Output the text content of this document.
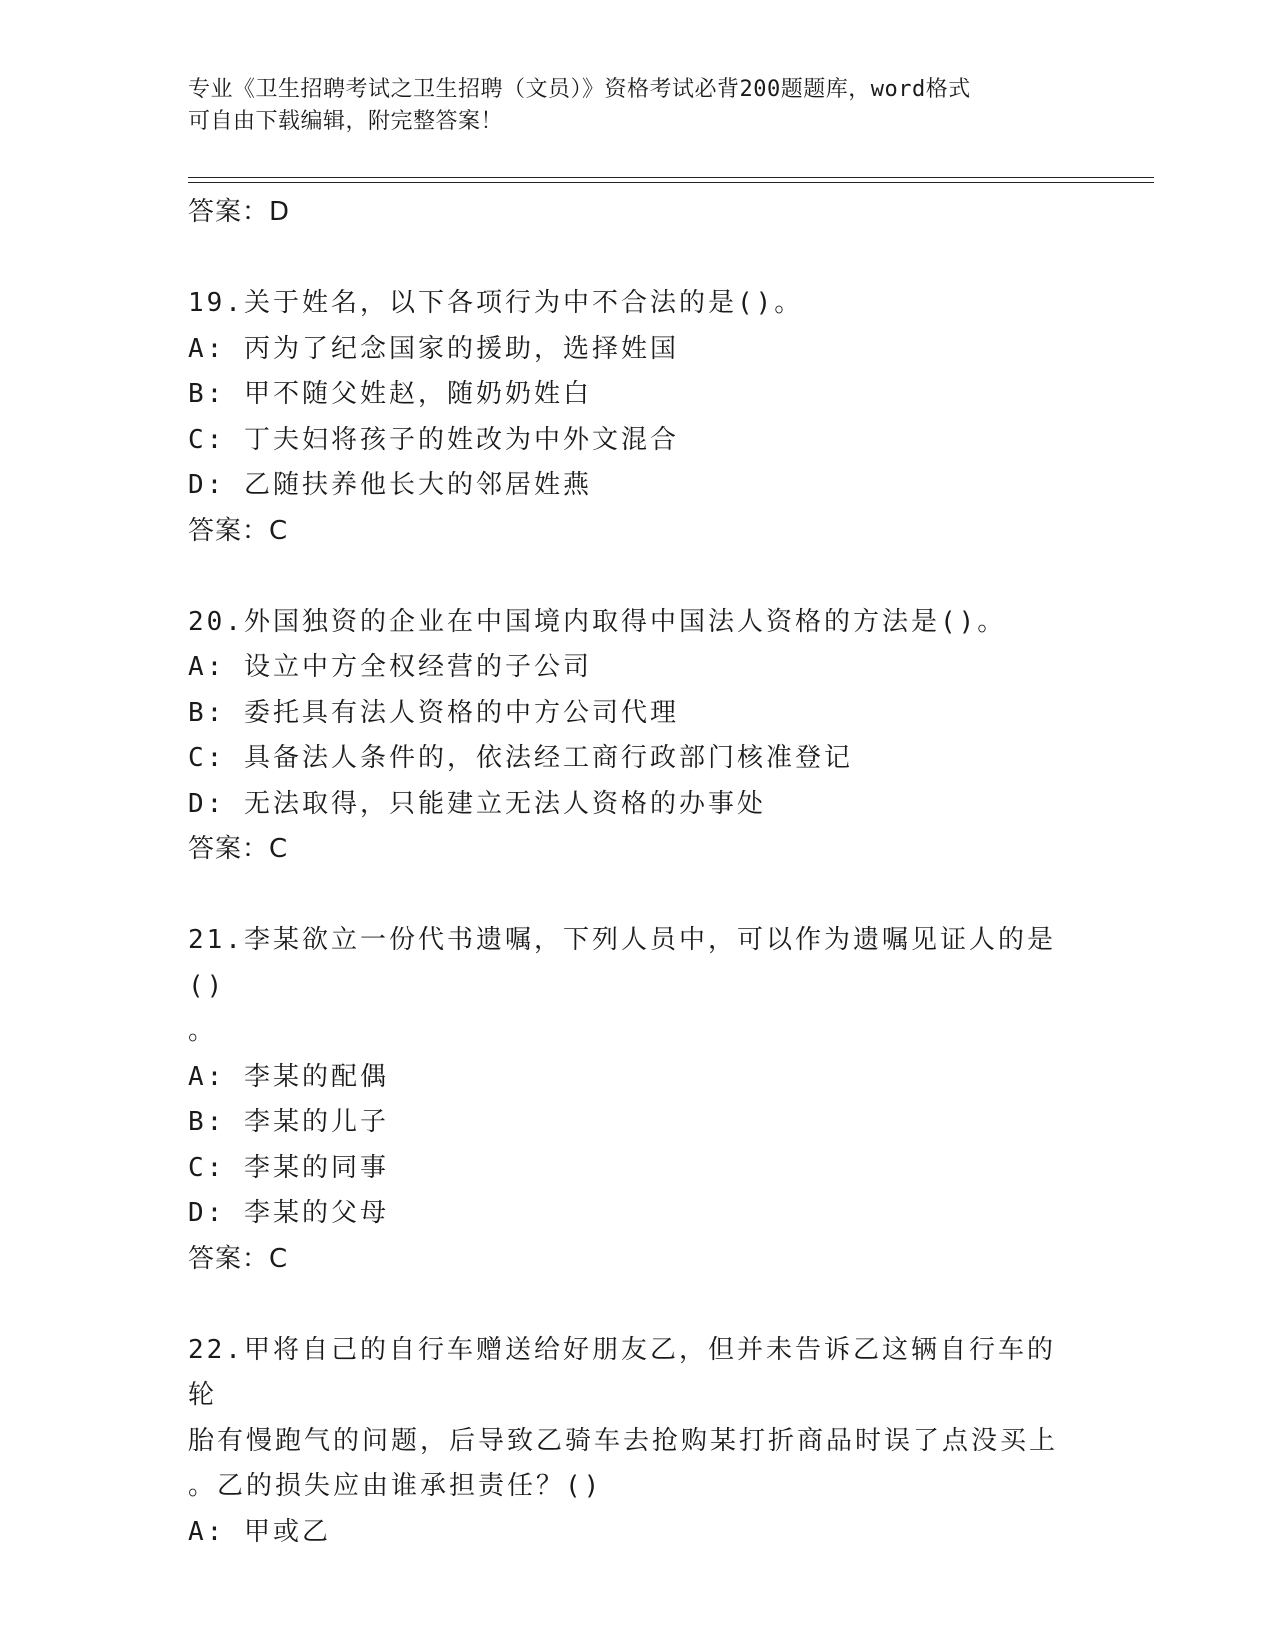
专业《卫生招聘考试之卫生招聘（文员）》资格考试必背200题题库，word格式
可自由下载编辑，附完整答案！
答案：D
19.关于姓名，以下各项行为中不合法的是()。
A: 丙为了纪念国家的援助，选择姓国
B: 甲不随父姓赵，随奶奶姓白
C: 丁夫妇将孩子的姓改为中外文混合
D: 乙随扶养他长大的邻居姓燕
答案：C
20.外国独资的企业在中国境内取得中国法人资格的方法是()。
A: 设立中方全权经营的子公司
B: 委托具有法人资格的中方公司代理
C: 具备法人条件的，依法经工商行政部门核准登记
D: 无法取得，只能建立无法人资格的办事处
答案：C
21.李某欲立一份代书遗嘱，下列人员中，可以作为遗嘱见证人的是()
。
A: 李某的配偶
B: 李某的儿子
C: 李某的同事
D: 李某的父母
答案：C
22.甲将自己的自行车赠送给好朋友乙，但并未告诉乙这辆自行车的轮
胎有慢跑气的问题，后导致乙骑车去抢购某打折商品时误了点没买上
。乙的损失应由谁承担责任？()
A: 甲或乙
